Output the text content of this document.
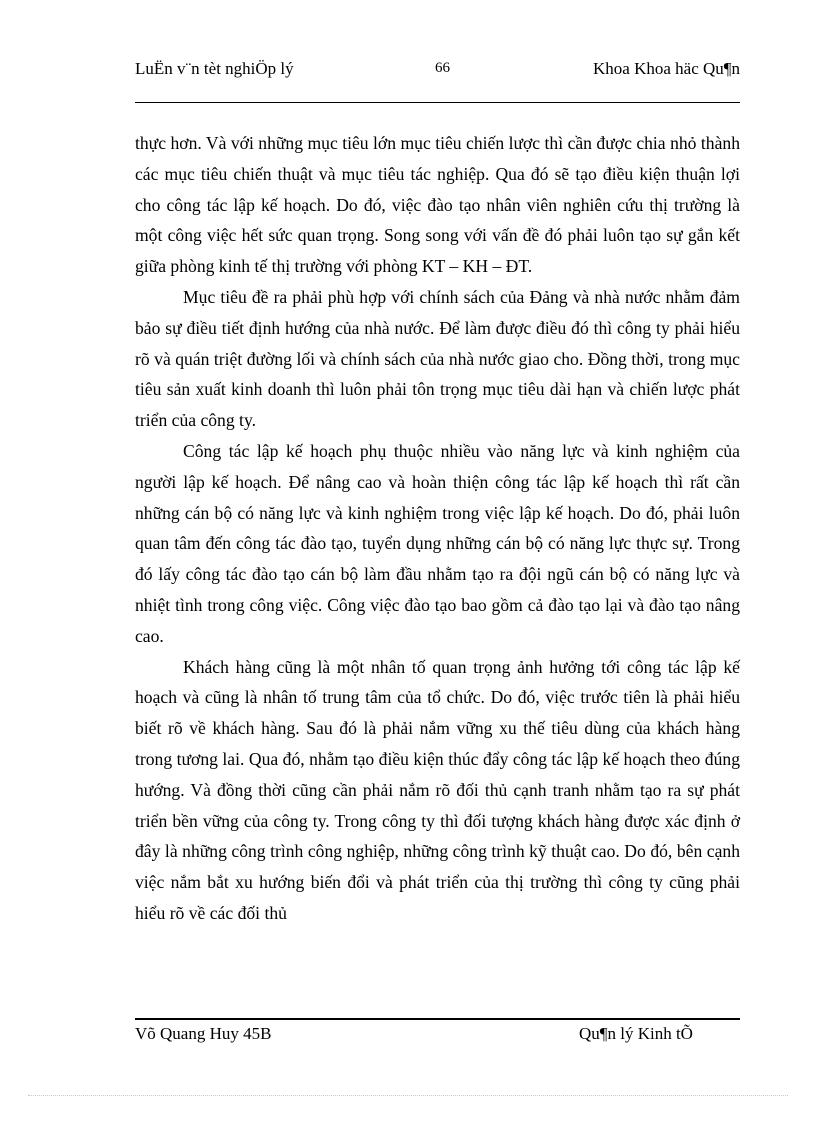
LuËn v¨n tèt nghiÖp lý	66	Khoa Khoa häc Qu¶n

thực hơn. Và với những mục tiêu lớn mục tiêu chiến lược thì cần được chia nhỏ thành các mục tiêu chiến thuật và mục tiêu tác nghiệp. Qua đó sẽ tạo điều kiện thuận lợi cho công tác lập kế hoạch. Do đó, việc đào tạo nhân viên nghiên cứu thị trường là một công việc hết sức quan trọng. Song song với vấn đề đó phải luôn tạo sự gắn kết giữa phòng kinh tế thị trường với phòng KT – KH – ĐT.

Mục tiêu đề ra phải phù hợp với chính sách của Đảng và nhà nước nhằm đảm bảo sự điều tiết định hướng của nhà nước. Để làm được điều đó thì công ty phải hiểu rõ và quán triệt đường lối và chính sách của nhà nước giao cho. Đồng thời, trong mục tiêu sản xuất kinh doanh thì luôn phải tôn trọng mục tiêu dài hạn và chiến lược phát triển của công ty.

Công tác lập kế hoạch phụ thuộc nhiều vào năng lực và kinh nghiệm của người lập kế hoạch. Để nâng cao và hoàn thiện công tác lập kế hoạch thì rất cần những cán bộ có năng lực và kinh nghiệm trong việc lập kế hoạch. Do đó, phải luôn quan tâm đến công tác đào tạo, tuyển dụng những cán bộ có năng lực thực sự. Trong đó lấy công tác đào tạo cán bộ làm đầu nhằm tạo ra đội ngũ cán bộ có năng lực và nhiệt tình trong công việc. Công việc đào tạo bao gồm cả đào tạo lại và đào tạo nâng cao.

Khách hàng cũng là một nhân tố quan trọng ảnh hưởng tới công tác lập kế hoạch và cũng là nhân tố trung tâm của tổ chức. Do đó, việc trước tiên là phải hiểu biết rõ về khách hàng. Sau đó là phải nắm vững xu thế tiêu dùng của khách hàng trong tương lai. Qua đó, nhằm tạo điều kiện thúc đẩy công tác lập kế hoạch theo đúng hướng. Và đồng thời cũng cần phải nắm rõ đối thủ cạnh tranh nhằm tạo ra sự phát triển bền vững của công ty. Trong công ty thì đối tượng khách hàng được xác định ở đây là những công trình công nghiệp, những công trình kỹ thuật cao. Do đó, bên cạnh việc nắm bắt xu hướng biến đổi và phát triển của thị trường thì công ty cũng phải hiểu rõ về các đối thủ

Võ Quang Huy 45B	Qu¶n lý Kinh tÕ
